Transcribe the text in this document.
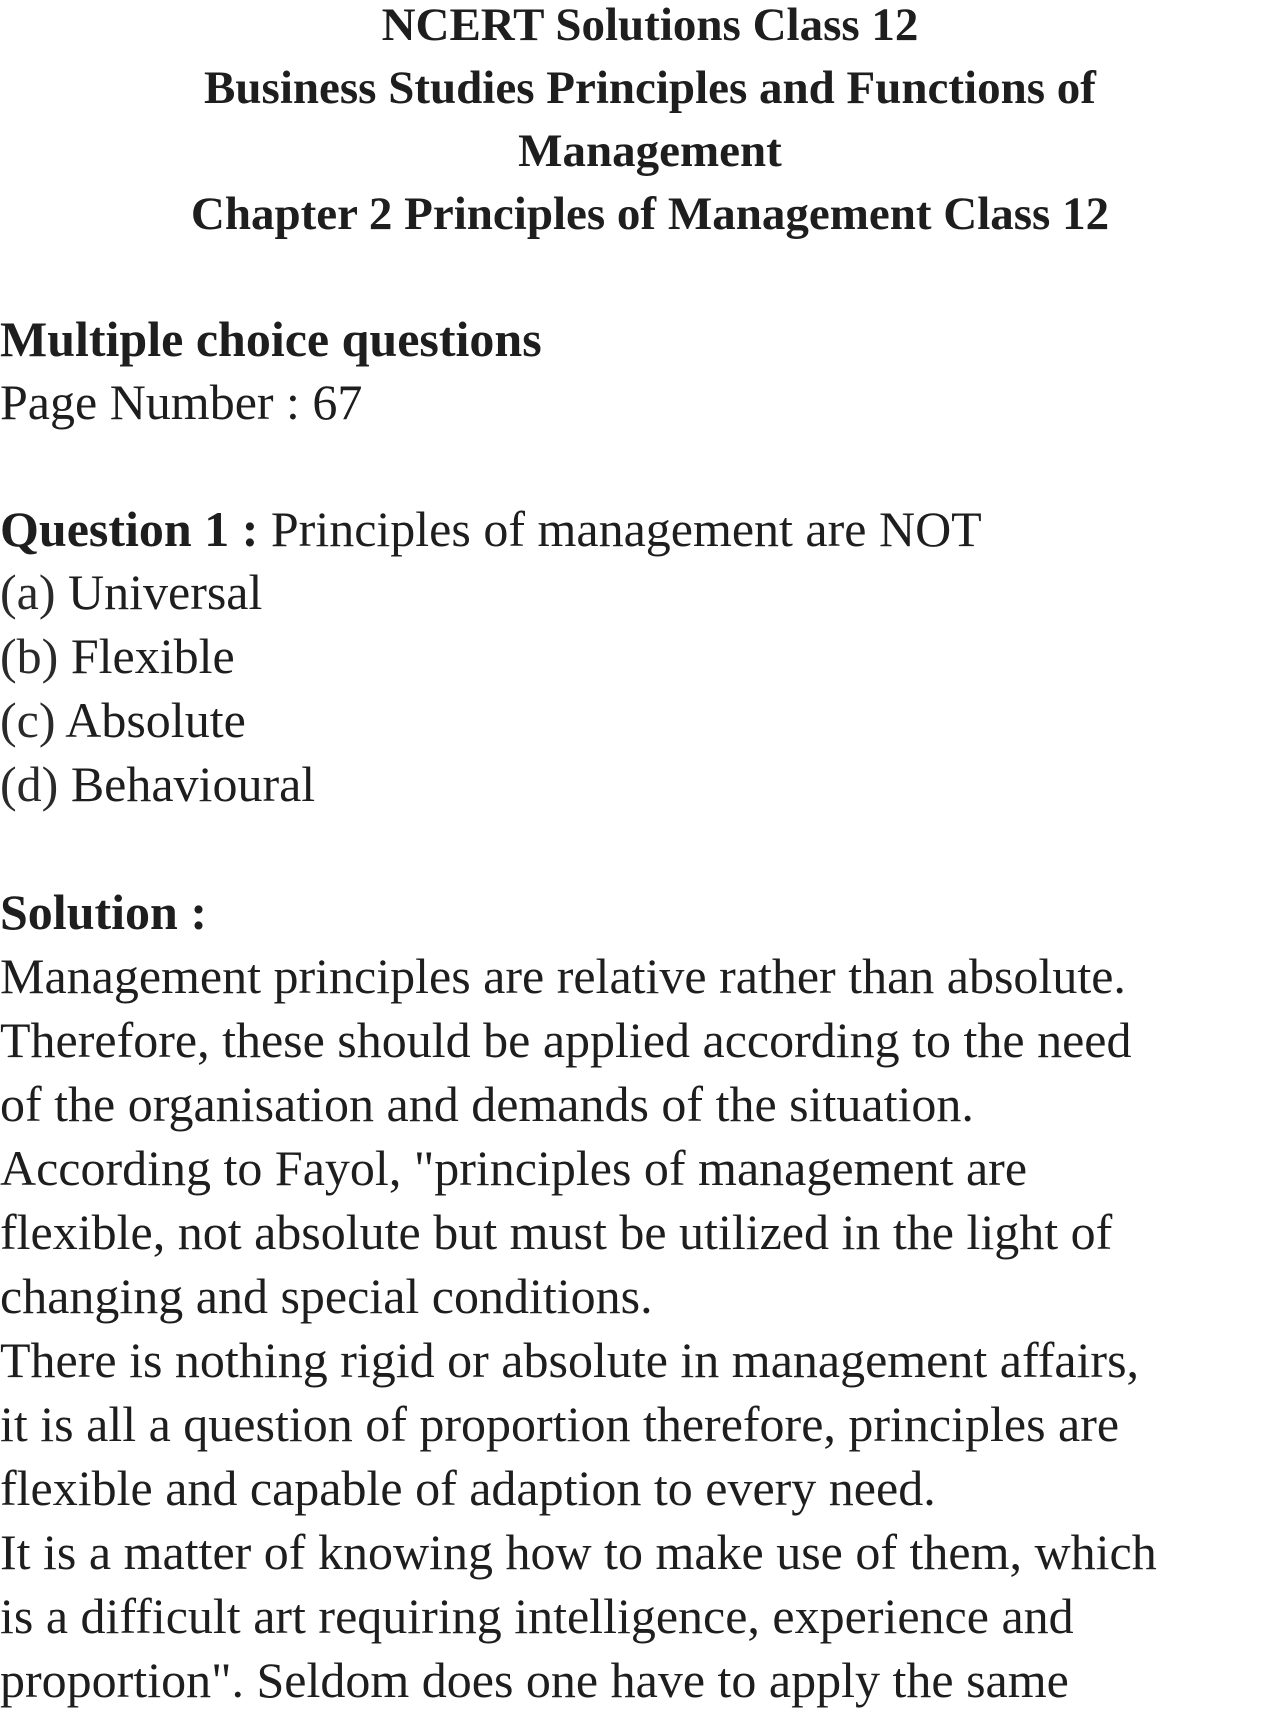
NCERT Solutions Class 12
Business Studies Principles and Functions of
Management
Chapter 2 Principles of Management Class 12
Multiple choice questions
Page Number : 67
Question 1 : Principles of management are NOT
(a) Universal
(b) Flexible
(c) Absolute
(d) Behavioural
Solution :
Management principles are relative rather than absolute.
Therefore, these should be applied according to the need
of the organisation and demands of the situation.
According to Fayol, "principles of management are
flexible, not absolute but must be utilized in the light of
changing and special conditions.
There is nothing rigid or absolute in management affairs,
it is all a question of proportion therefore, principles are
flexible and capable of adaption to every need.
It is a matter of knowing how to make use of them, which
is a difficult art requiring intelligence, experience and
proportion". Seldom does one have to apply the same
